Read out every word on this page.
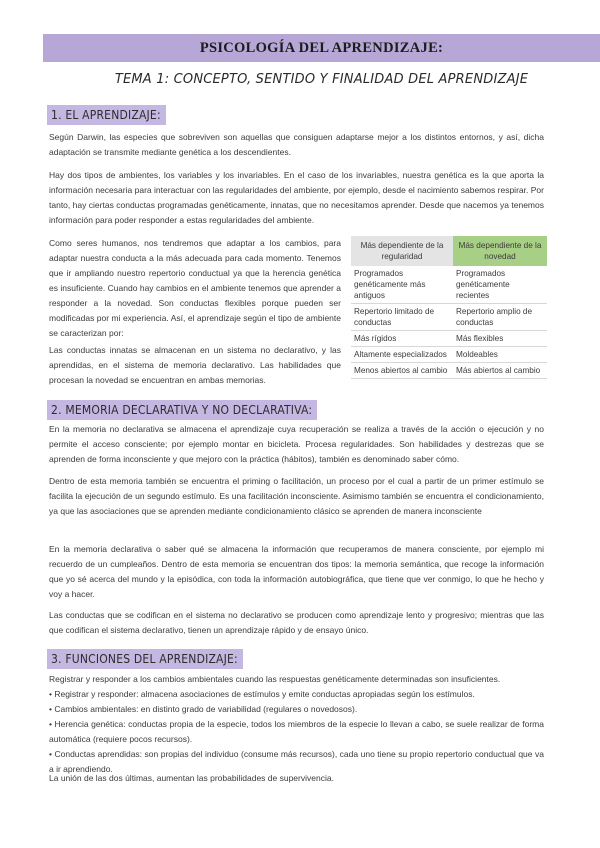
PSICOLOGÍA DEL APRENDIZAJE:
TEMA 1: CONCEPTO, SENTIDO Y FINALIDAD DEL APRENDIZAJE
1. EL APRENDIZAJE:
Según Darwin, las especies que sobreviven son aquellas que consiguen adaptarse mejor a los distintos entornos, y así, dicha adaptación se transmite mediante genética a los descendientes.
Hay dos tipos de ambientes, los variables y los invariables. En el caso de los invariables, nuestra genética es la que aporta la información necesaria para interactuar con las regularidades del ambiente, por ejemplo, desde el nacimiento sabemos respirar. Por tanto, hay ciertas conductas programadas genéticamente, innatas, que no necesitamos aprender. Desde que nacemos ya tenemos información para poder responder a estas regularidades del ambiente.
Como seres humanos, nos tendremos que adaptar a los cambios, para adaptar nuestra conducta a la más adecuada para cada momento. Tenemos que ir ampliando nuestro repertorio conductual ya que la herencia genética es insuficiente. Cuando hay cambios en el ambiente tenemos que aprender a responder a la novedad. Son conductas flexibles porque pueden ser modificadas por mi experiencia. Así, el aprendizaje según el tipo de ambiente se caracterizan por:
Las conductas innatas se almacenan en un sistema no declarativo, y las aprendidas, en el sistema de memoria declarativo. Las habilidades que procesan la novedad se encuentran en ambas memorias.
Más dependiente de la regularidad	Más dependiente de la novedad
Programados genéticamente más antiguos	Programados genéticamente recientes
Repertorio limitado de conductas	Repertorio amplio de conductas
Más rígidos	Más flexibles
Altamente especializados	Moldeables
Menos abiertos al cambio	Más abiertos al cambio
2. MEMORIA DECLARATIVA Y NO DECLARATIVA:
En la memoria no declarativa se almacena el aprendizaje cuya recuperación se realiza a través de la acción o ejecución y no permite el acceso consciente; por ejemplo montar en bicicleta. Procesa regularidades. Son habilidades y destrezas que se aprenden de forma inconsciente y que mejoro con la práctica (hábitos), también es denominado saber cómo.
Dentro de esta memoria también se encuentra el priming o facilitación, un proceso por el cual a partir de un primer estímulo se facilita la ejecución de un segundo estímulo. Es una facilitación inconsciente. Asimismo también se encuentra el condicionamiento, ya que las asociaciones que se aprenden mediante condicionamiento clásico se aprenden de manera inconsciente
En la memoria declarativa o saber qué se almacena la información que recuperamos de manera consciente, por ejemplo mi recuerdo de un cumpleaños. Dentro de esta memoria se encuentran dos tipos: la memoria semántica, que recoge la información que yo sé acerca del mundo y la episódica, con toda la información autobiográfica, que tiene que ver conmigo, lo que he hecho y voy a hacer.
Las conductas que se codifican en el sistema no declarativo se producen como aprendizaje lento y progresivo; mientras que las que codifican el sistema declarativo, tienen un aprendizaje rápido y de ensayo único.
3. FUNCIONES DEL APRENDIZAJE:
Registrar y responder a los cambios ambientales cuando las respuestas genéticamente determinadas son insuficientes.
• Registrar y responder: almacena asociaciones de estímulos y emite conductas apropiadas según los estímulos.
• Cambios ambientales: en distinto grado de variabilidad (regulares o novedosos).
• Herencia genética: conductas propia de la especie, todos los miembros de la especie lo llevan a cabo, se suele realizar de forma automática (requiere pocos recursos).
• Conductas aprendidas: son propias del individuo (consume más recursos), cada uno tiene su propio repertorio conductual que va a ir aprendiendo.
La unión de las dos últimas, aumentan las probabilidades de supervivencia.
